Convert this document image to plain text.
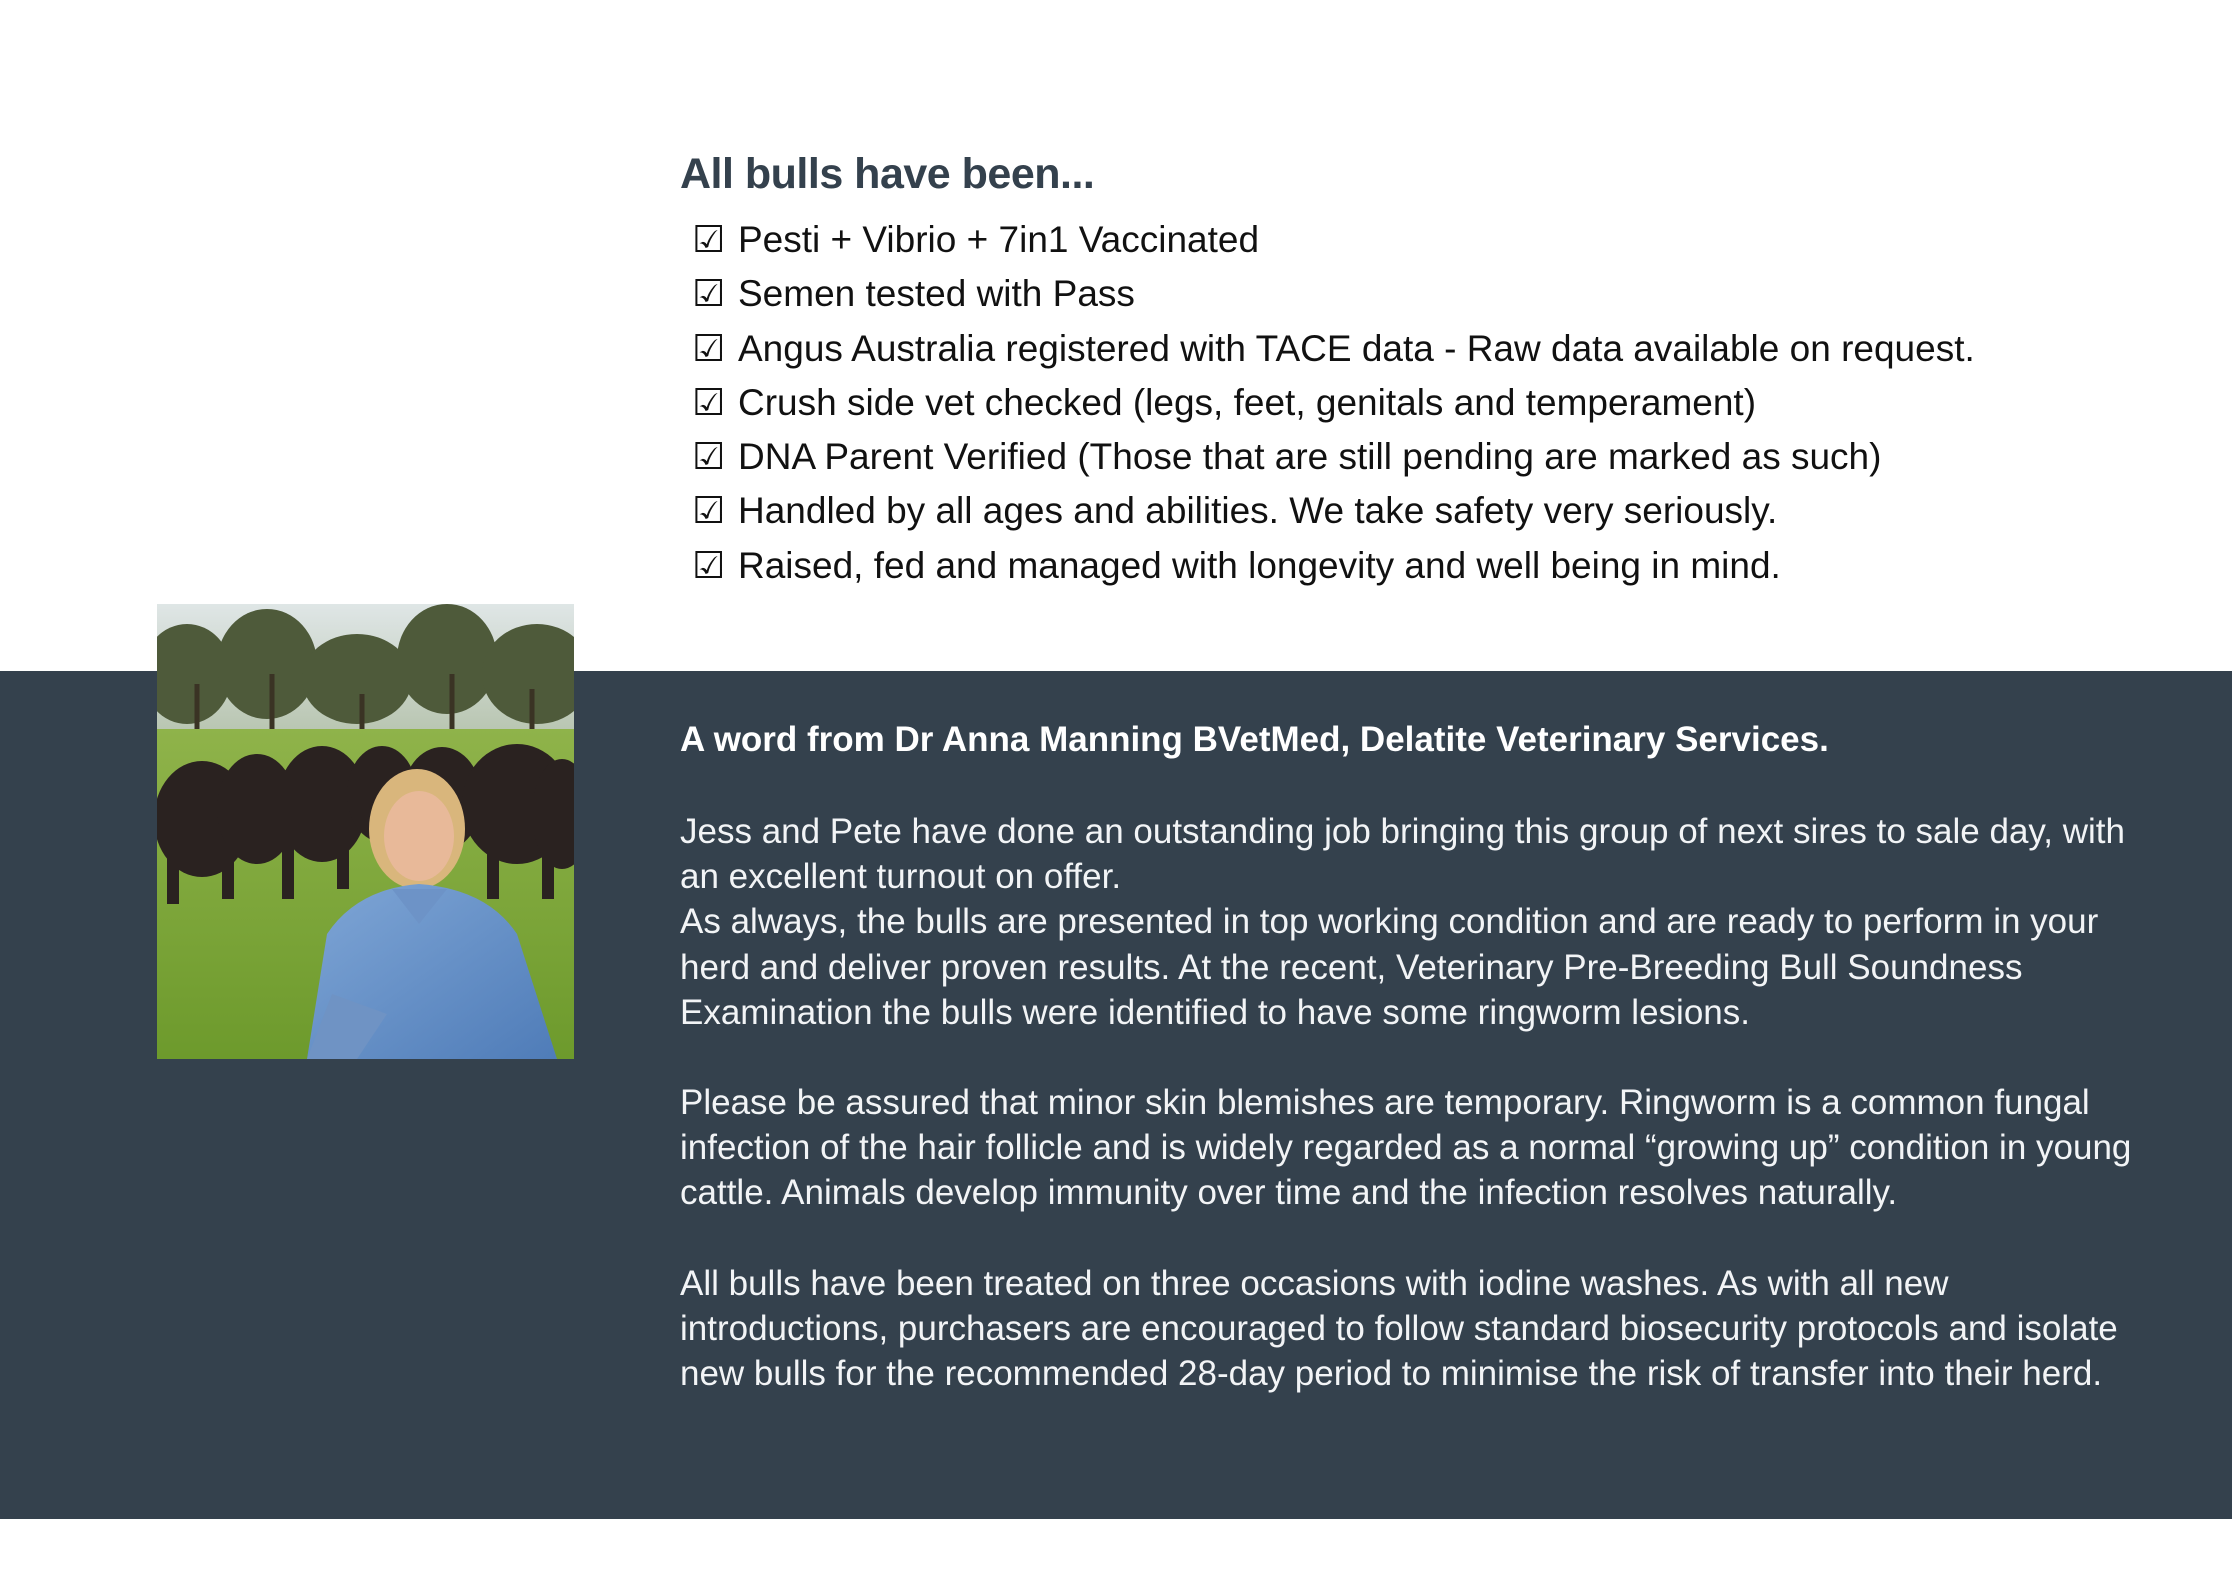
All bulls have been...
☑ Pesti + Vibrio + 7in1 Vaccinated
☑ Semen tested with Pass
☑ Angus Australia registered with TACE data - Raw data available on request.
☑ Crush side vet checked (legs, feet, genitals and temperament)
☑ DNA Parent Verified (Those that are still pending are marked as such)
☑ Handled by all ages and abilities. We take safety very seriously.
☑ Raised, fed and managed with longevity and well being in mind.
A word from Dr Anna Manning BVetMed, Delatite Veterinary Services.

Jess and Pete have done an outstanding job bringing this group of next sires to sale day, with an excellent turnout on offer.

As always, the bulls are presented in top working condition and are ready to perform in your herd and deliver proven results. At the recent, Veterinary Pre-Breeding Bull Soundness Examination the bulls were identified to have some ringworm lesions.

Please be assured that minor skin blemishes are temporary. Ringworm is a common fungal infection of the hair follicle and is widely regarded as a normal “growing up” condition in young cattle. Animals develop immunity over time and the infection resolves naturally.

All bulls have been treated on three occasions with iodine washes. As with all new introductions, purchasers are encouraged to follow standard biosecurity protocols and isolate new bulls for the recommended 28-day period to minimise the risk of transfer into their herd.
